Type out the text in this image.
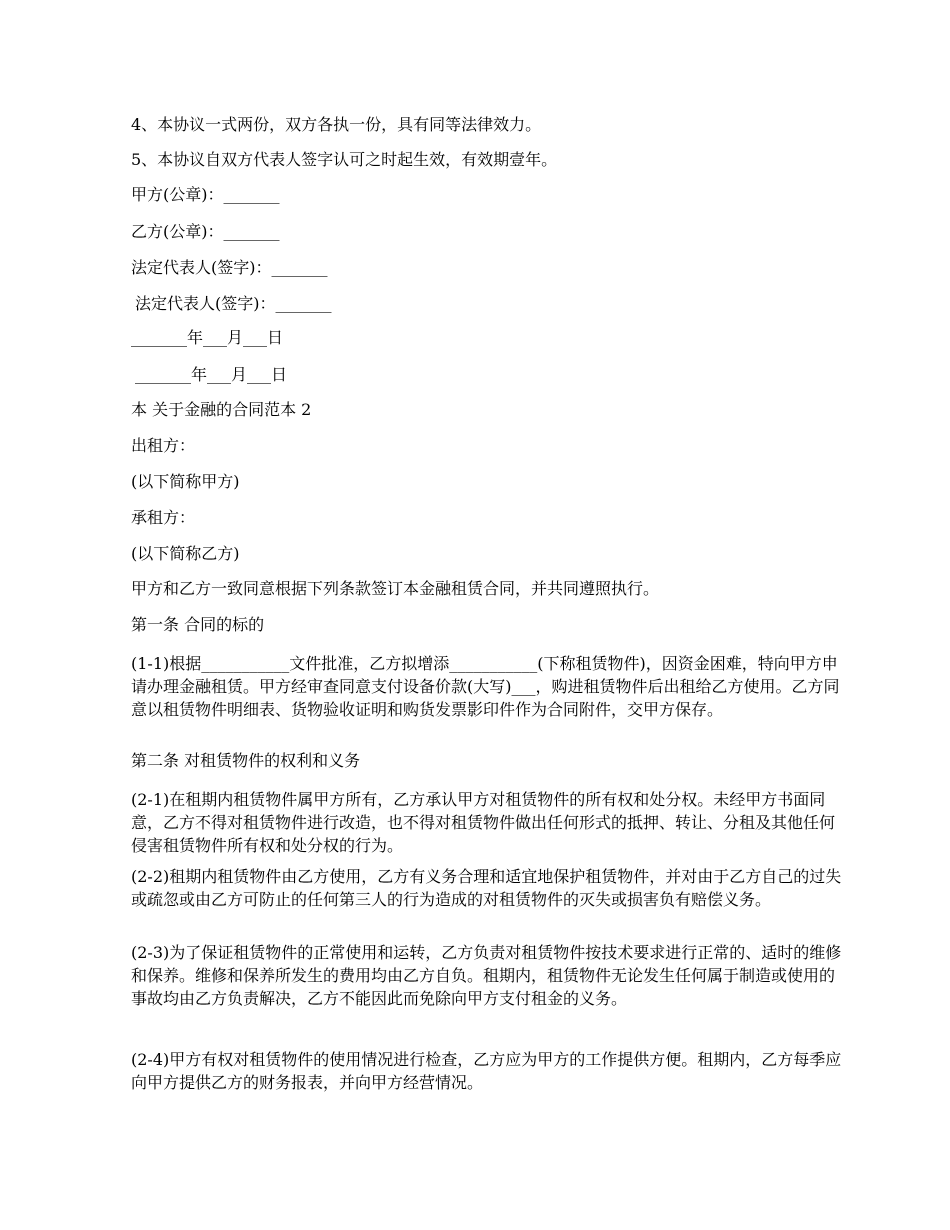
4、本协议一式两份，双方各执一份，具有同等法律效力。
5、本协议自双方代表人签字认可之时起生效，有效期壹年。
甲方(公章)：_______
乙方(公章)：_______
法定代表人(签字)：_______
法定代表人(签字)：_______
_______年___月___日
_______年___月___日
本 关于金融的合同范本 2
出租方：
(以下简称甲方)
承租方：
(以下简称乙方)
甲方和乙方一致同意根据下列条款签订本金融租赁合同，并共同遵照执行。
第一条 合同的标的
(1-1)根据___________文件批准，乙方拟增添___________(下称租赁物件)，因资金困难，特向甲方申请办理金融租赁。甲方经审查同意支付设备价款(大写)___，购进租赁物件后出租给乙方使用。乙方同意以租赁物件明细表、货物验收证明和购货发票影印件作为合同附件，交甲方保存。
第二条 对租赁物件的权利和义务
(2-1)在租期内租赁物件属甲方所有，乙方承认甲方对租赁物件的所有权和处分权。未经甲方书面同意，乙方不得对租赁物件进行改造，也不得对租赁物件做出任何形式的抵押、转让、分租及其他任何侵害租赁物件所有权和处分权的行为。
(2-2)租期内租赁物件由乙方使用，乙方有义务合理和适宜地保护租赁物件，并对由于乙方自己的过失或疏忽或由乙方可防止的任何第三人的行为造成的对租赁物件的灭失或损害负有赔偿义务。
(2-3)为了保证租赁物件的正常使用和运转，乙方负责对租赁物件按技术要求进行正常的、适时的维修和保养。维修和保养所发生的费用均由乙方自负。租期内，租赁物件无论发生任何属于制造或使用的事故均由乙方负责解决，乙方不能因此而免除向甲方支付租金的义务。
(2-4)甲方有权对租赁物件的使用情况进行检查，乙方应为甲方的工作提供方便。租期内，乙方每季应向甲方提供乙方的财务报表，并向甲方经营情况。
